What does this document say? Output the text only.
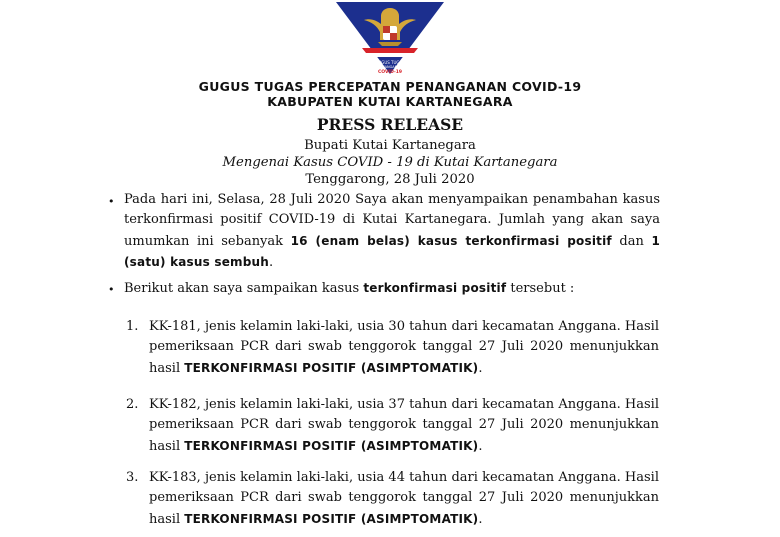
GUGUS TUGAS
PENANGANAN
COVID-19
GUGUS TUGAS PERCEPATAN PENANGANAN COVID-19
KABUPATEN KUTAI KARTANEGARA
PRESS RELEASE
Bupati Kutai Kartanegara
Mengenai Kasus COVID - 19 di Kutai Kartanegara
Tenggarong, 28 Juli 2020
• Pada hari ini, Selasa, 28 Juli 2020 Saya akan menyampaikan penambahan kasus terkonfirmasi positif COVID-19 di Kutai Kartanegara. Jumlah yang akan saya umumkan ini sebanyak 16 (enam belas) kasus terkonfirmasi positif dan 1 (satu) kasus sembuh.
• Berikut akan saya sampaikan kasus terkonfirmasi positif tersebut :
1. KK-181, jenis kelamin laki-laki, usia 30 tahun dari kecamatan Anggana. Hasil pemeriksaan PCR dari swab tenggorok tanggal 27 Juli 2020 menunjukkan hasil TERKONFIRMASI POSITIF (ASIMPTOMATIK).
2. KK-182, jenis kelamin laki-laki, usia 37 tahun dari kecamatan Anggana. Hasil pemeriksaan PCR dari swab tenggorok tanggal 27 Juli 2020 menunjukkan hasil TERKONFIRMASI POSITIF (ASIMPTOMATIK).
3. KK-183, jenis kelamin laki-laki, usia 44 tahun dari kecamatan Anggana. Hasil pemeriksaan PCR dari swab tenggorok tanggal 27 Juli 2020 menunjukkan hasil TERKONFIRMASI POSITIF (ASIMPTOMATIK).
